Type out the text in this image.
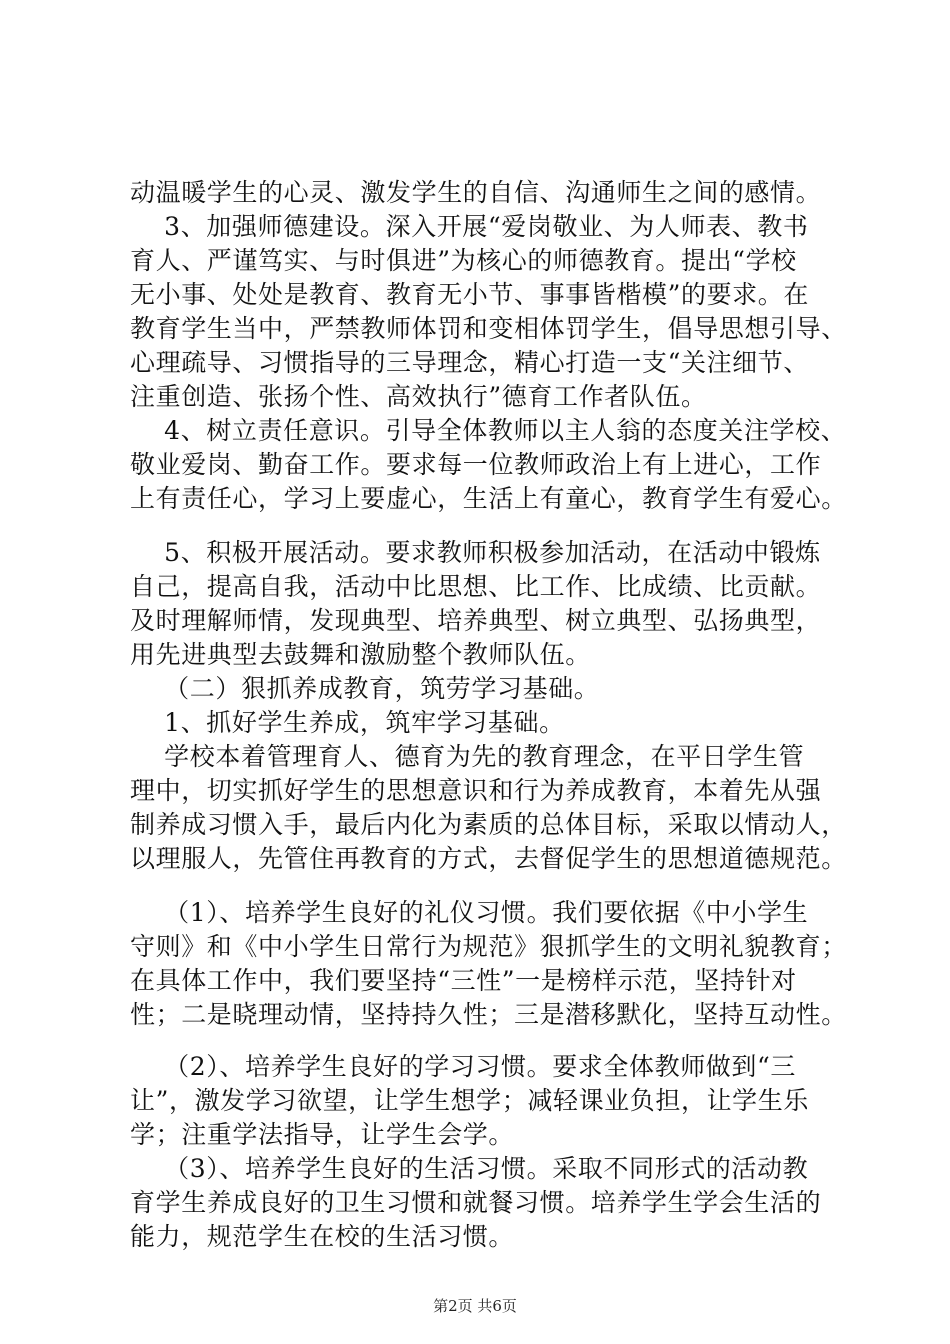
动温暖学生的心灵、激发学生的自信、沟通师生之间的感情。
3、加强师德建设。深入开展“爱岗敬业、为人师表、教书
育人、严谨笃实、与时俱进”为核心的师德教育。提出“学校
无小事、处处是教育、教育无小节、事事皆楷模”的要求。在
教育学生当中，严禁教师体罚和变相体罚学生，倡导思想引导、
心理疏导、习惯指导的三导理念，精心打造一支“关注细节、
注重创造、张扬个性、高效执行”德育工作者队伍。
4、树立责任意识。引导全体教师以主人翁的态度关注学校、
敬业爱岗、勤奋工作。要求每一位教师政治上有上进心，工作
上有责任心，学习上要虚心，生活上有童心，教育学生有爱心。
5、积极开展活动。要求教师积极参加活动，在活动中锻炼
自己，提高自我，活动中比思想、比工作、比成绩、比贡献。
及时理解师情，发现典型、培养典型、树立典型、弘扬典型，
用先进典型去鼓舞和激励整个教师队伍。
（二）狠抓养成教育，筑劳学习基础。
1、抓好学生养成，筑牢学习基础。
学校本着管理育人、德育为先的教育理念，在平日学生管
理中，切实抓好学生的思想意识和行为养成教育，本着先从强
制养成习惯入手，最后内化为素质的总体目标，采取以情动人，
以理服人，先管住再教育的方式，去督促学生的思想道德规范。
（1）、培养学生良好的礼仪习惯。我们要依据《中小学生
守则》和《中小学生日常行为规范》狠抓学生的文明礼貌教育；
在具体工作中，我们要坚持“三性”一是榜样示范，坚持针对
性；二是晓理动情，坚持持久性；三是潜移默化，坚持互动性。
（2）、培养学生良好的学习习惯。要求全体教师做到“三
让”，激发学习欲望，让学生想学；减轻课业负担，让学生乐
学；注重学法指导，让学生会学。
（3）、培养学生良好的生活习惯。采取不同形式的活动教
育学生养成良好的卫生习惯和就餐习惯。培养学生学会生活的
能力，规范学生在校的生活习惯。
第2页 共6页
